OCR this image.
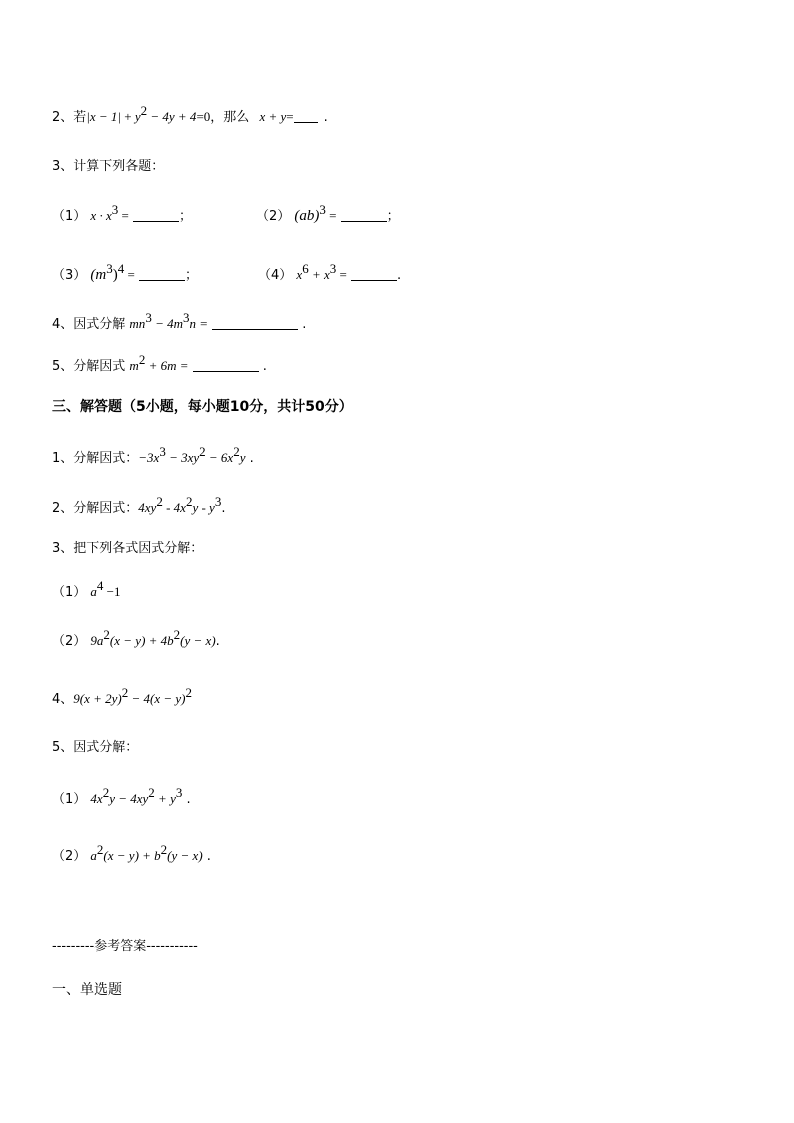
2、若$|x - 1| + y^2 - 4y + 4=0$，那么 x + y= .
3、计算下列各题：
（1） $x \cdot x^3$ =	；	（2） (ab)$^3$ =	；
（3） $(m^3)^4$ =	；	（4） $x^6 + x^3$ =	.
4、因式分解 $mn^3 - 4m^3n$ =	.
5、分解因式 $m^2 + 6m$ =	.
三、解答题（5小题，每小题10分，共计50分）
1、分解因式：$-3x^3 - 3xy^2 - 6x^2y$ .
2、分解因式：$4xy^2 - 4x^2y - y^3$.
3、把下列各式因式分解：
（1） $a^4 -1$
（2） $9a^2(x - y) + 4b^2(y - x)$.
4、$9(x + 2y)^2 - 4(x - y)^2$
5、因式分解：
（1） $4x^2y - 4xy^2 + y^3$ .
（2） $a^2(x - y) + b^2(y - x)$ .
---------参考答案-----------
一、单选题
